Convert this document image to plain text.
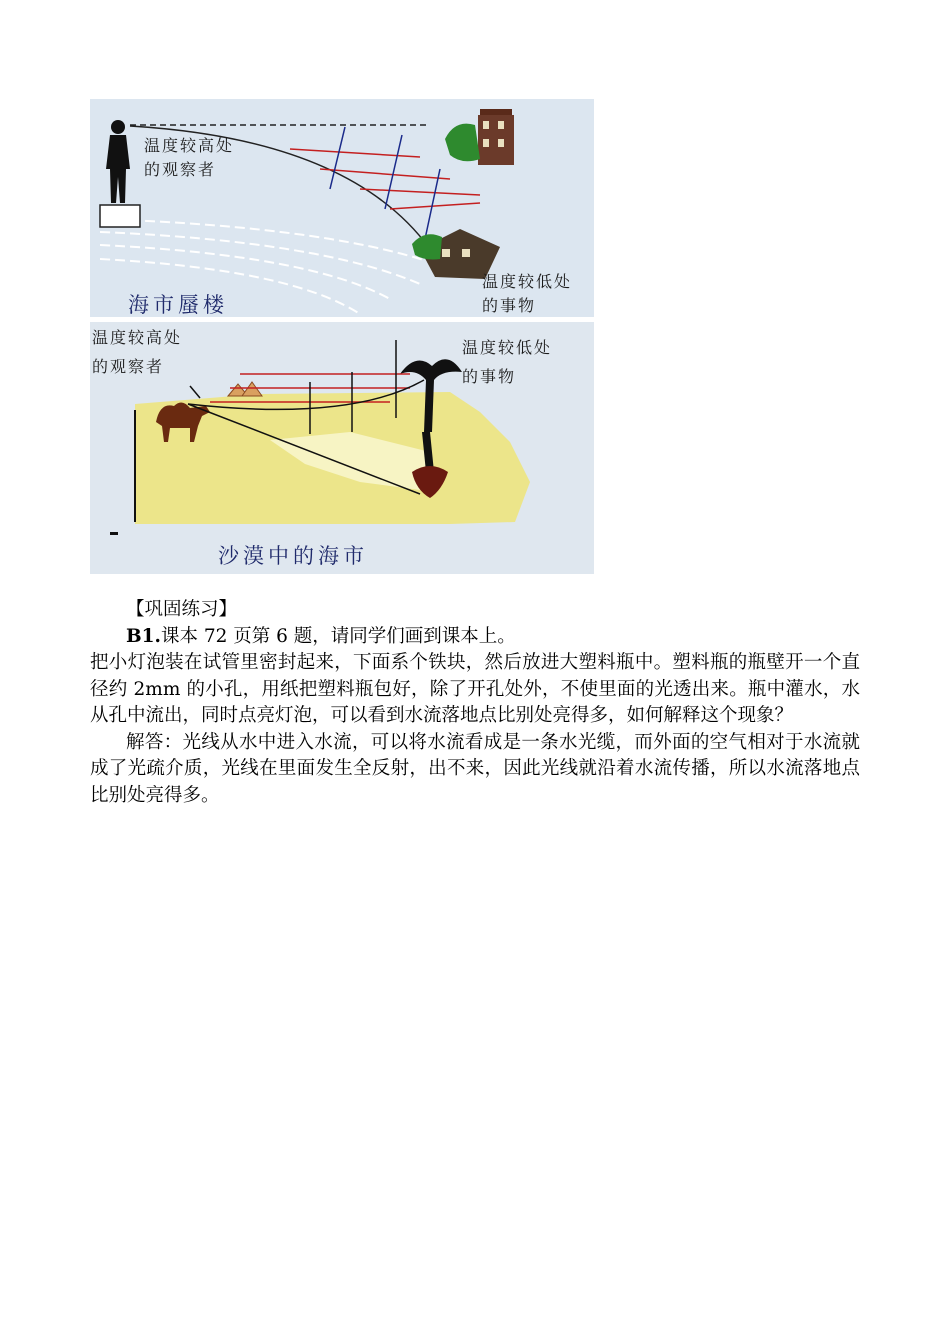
温度较高处
的观察者
温度较低处
的事物
海市蜃楼
温度较高处
的观察者
温度较低处
的事物
沙漠中的海市

【巩固练习】

B1.课本 72 页第 6 题，请同学们画到课本上。

把小灯泡装在试管里密封起来，下面系个铁块，然后放进大塑料瓶中。塑料瓶的瓶壁开一个直径约 2mm 的小孔，用纸把塑料瓶包好，除了开孔处外，不使里面的光透出来。瓶中灌水，水从孔中流出，同时点亮灯泡，可以看到水流落地点比别处亮得多，如何解释这个现象？

解答：光线从水中进入水流，可以将水流看成是一条水光缆，而外面的空气相对于水流就成了光疏介质，光线在里面发生全反射，出不来，因此光线就沿着水流传播，所以水流落地点比别处亮得多。
